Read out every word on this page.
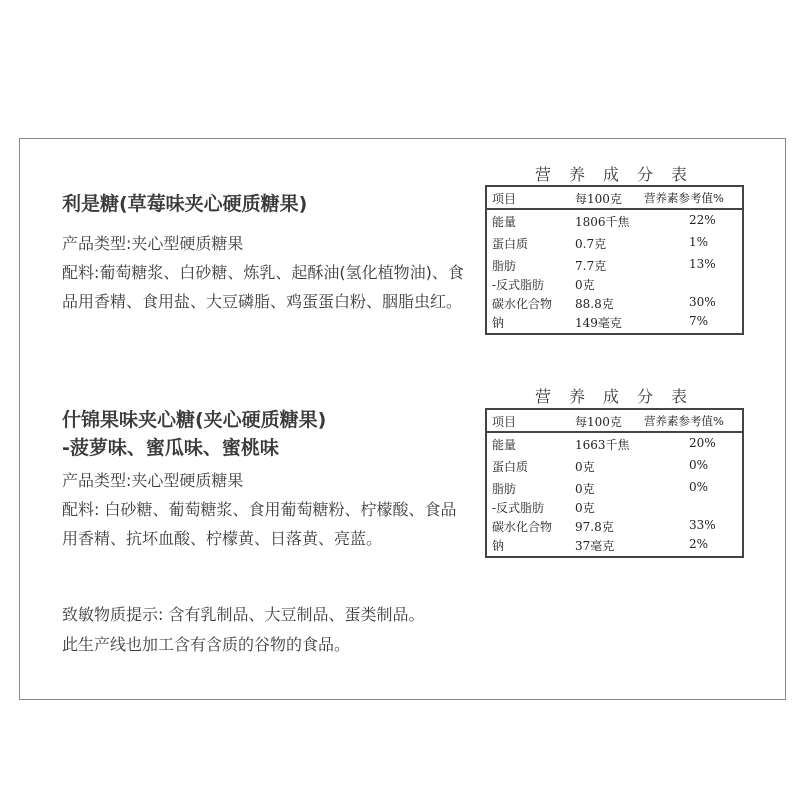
利是糖(草莓味夹心硬质糖果)
产品类型:夹心型硬质糖果
配料:葡萄糖浆、白砂糖、炼乳、起酥油(氢化植物油)、食品用香精、食用盐、大豆磷脂、鸡蛋蛋白粉、胭脂虫红。
营养成分表
项目	每100克 营养素参考值%
能量	1806千焦	22%
蛋白质	0.7克	1%
脂肪	7.7克	13%
-反式脂肪	0克
碳水化合物 88.8克	30%
钠	149毫克	7%
什锦果味夹心糖(夹心硬质糖果)
-菠萝味、蜜瓜味、蜜桃味
产品类型:夹心型硬质糖果
配料: 白砂糖、葡萄糖浆、食用葡萄糖粉、柠檬酸、食品用香精、抗坏血酸、柠檬黄、日落黄、亮蓝。
营养成分表
项目	每100克 营养素参考值%
能量	1663千焦	20%
蛋白质	0克	0%
脂肪	0克	0%
-反式脂肪	0克
碳水化合物 97.8克	33%
钠	37毫克	2%
致敏物质提示: 含有乳制品、大豆制品、蛋类制品。
此生产线也加工含有含质的谷物的食品。
